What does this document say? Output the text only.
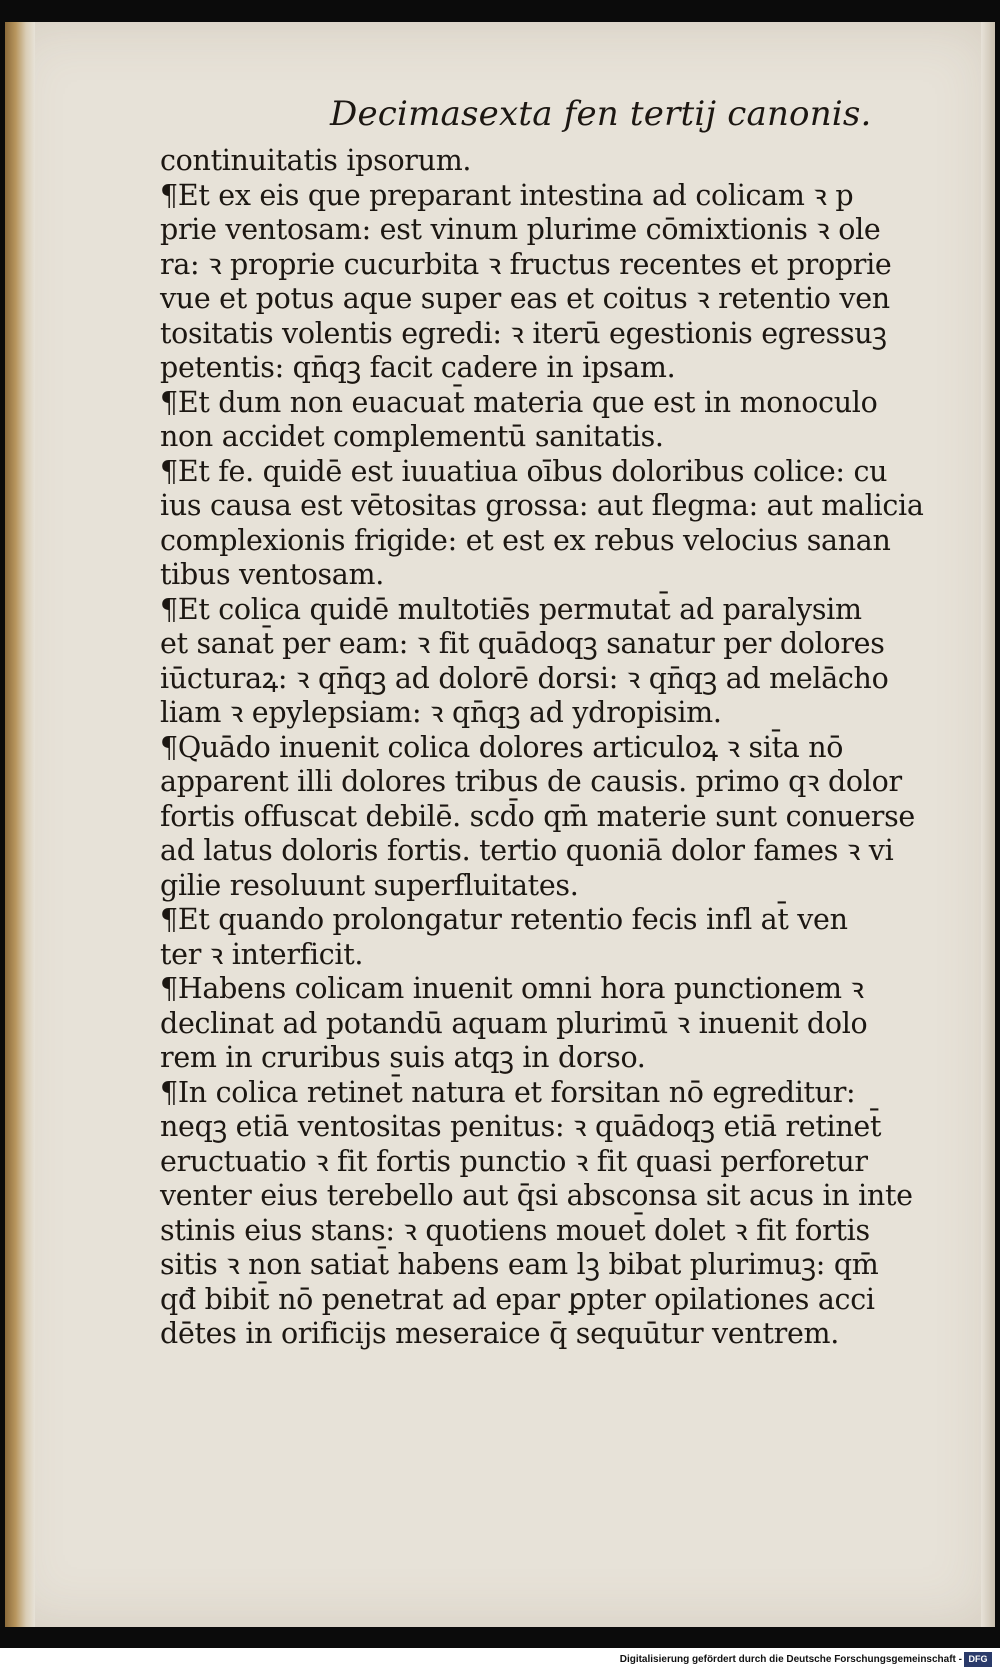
Decimasexta fen tertij canonis.
continuitatis ipsorum.
¶Et ex eis que preparant intestina ad colicam ꝛ p
prie ventosam: est vinum plurime cōmixtionis ꝛ ole
ra: ꝛ proprie cucurbita ꝛ fructus recentes et proprie
vue et potus aque super eas et coitus ꝛ retentio ven
tositatis volentis egredi: ꝛ iterū egestionis egressuꝫ
petentis: qn̄qꝫ facit cadere in ipsam.
¶Et dum non euacuat̄ materia que est in monoculo
non accidet complementū sanitatis.
¶Et fe. quidē est iuuatiua oībus doloribus colice: cu
ius causa est vētositas grossa: aut flegma: aut malicia
complexionis frigide: et est ex rebus velocius sanan
tibus ventosam.
¶Et colica quidē multotiēs permutat̄ ad paralysim
et sanat̄ per eam: ꝛ fit quādoqꝫ sanatur per dolores
iūcturaꝝ: ꝛ qn̄qꝫ ad dolorē dorsi: ꝛ qn̄qꝫ ad melācho
liam ꝛ epylepsiam: ꝛ qn̄qꝫ ad ydropisim.
¶Quādo inuenit colica dolores articuloꝝ ꝛ sit̄a nō
apparent illi dolores tribus de causis. primo qꝛ dolor
fortis offuscat debilē. scd̄o qm̄ materie sunt conuerse
ad latus doloris fortis. tertio quoniā dolor fames ꝛ vi
gilie resoluunt superfluitates.
¶Et quando prolongatur retentio fecis infl at̄ ven
ter ꝛ interficit.
¶Habens colicam inuenit omni hora punctionem ꝛ
declinat ad potandū aquam plurimū ꝛ inuenit dolo
rem in cruribus suis atqꝫ in dorso.
¶In colica retinet̄ natura et forsitan nō egreditur:
neqꝫ etiā ventositas penitus: ꝛ quādoqꝫ etiā retinet̄
eructuatio ꝛ fit fortis punctio ꝛ fit quasi perforetur
venter eius terebello aut q̄si absconsa sit acus in inte
stinis eius stans: ꝛ quotiens mouet̄ dolet ꝛ fit fortis
sitis ꝛ non satiat̄ habens eam lꝫ bibat plurimuꝫ: qm̄
qđ bibit̄ nō penetrat ad epar ꝑpter opilationes acci
dētes in orificijs meseraice q̄ sequūtur ventrem.
Digitalisierung gefördert durch die Deutsche Forschungsgemeinschaft - DFG
